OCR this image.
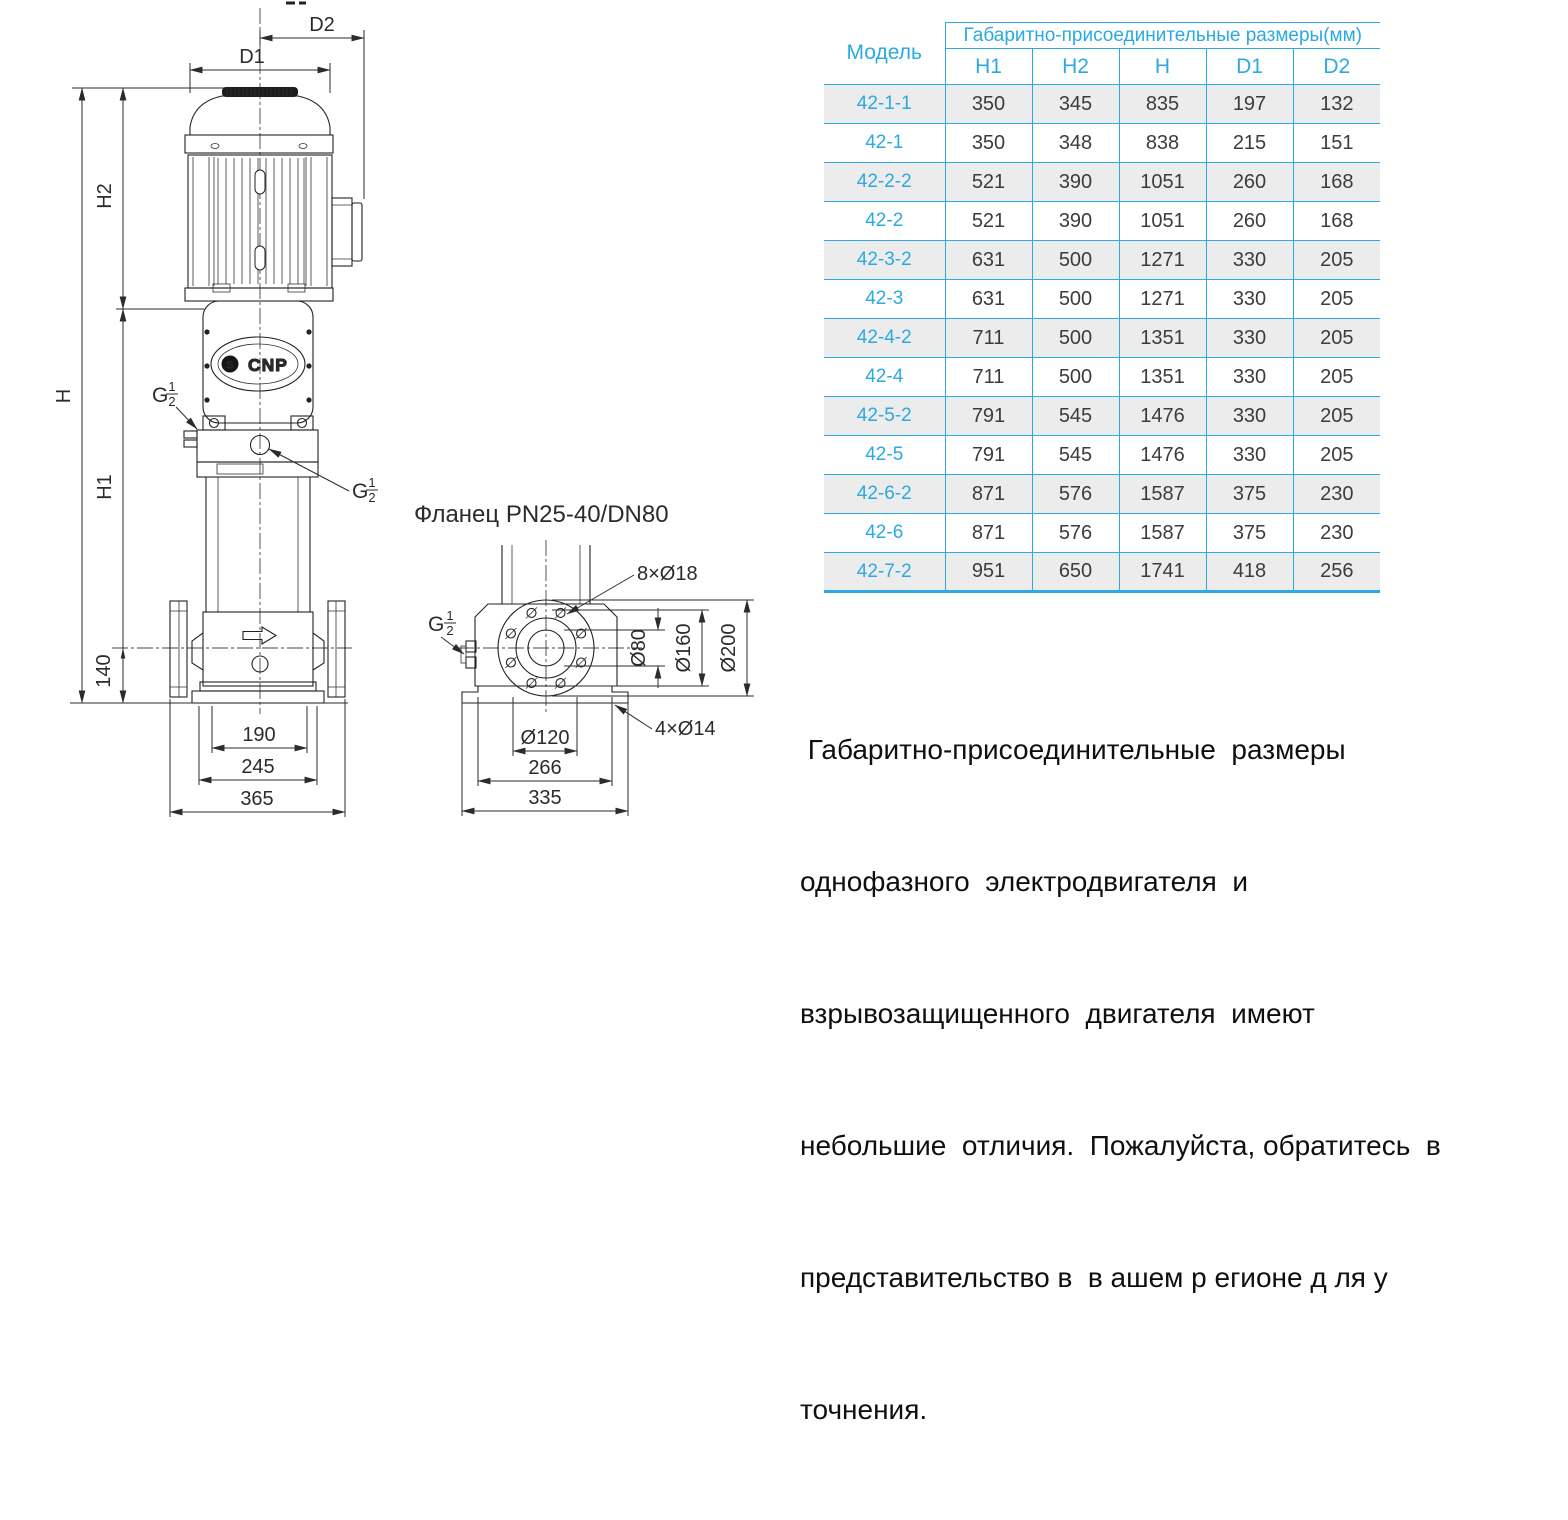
S CNP
D2
D1
H
H2
H1
140
190
245
365
G 1
2
G 1
2
Фланец PN25-40/DN80
8×Ø18
G 1
2	Ø80 Ø160 Ø200
4×Ø14
Ø120
266
335
Модель	Габаритно-присоединительные размеры(мм)				
	H1	H2	H	D1	D2
42-1-1	350	345	835	197	132
42-1	350	348	838	215	151
42-2-2	521	390	1051	260	168
42-2	521	390	1051	260	168
42-3-2	631	500	1271	330	205
42-3	631	500	1271	330	205
42-4-2	711	500	1351	330	205
42-4	711	500	1351	330	205
42-5-2	791	545	1476	330	205
42-5	791	545	1476	330	205
42-6-2	871	576	1587	375	230
42-6	871	576	1587	375	230
42-7-2	951	650	1741	418	256

Габаритно-присоединительные  размеры

однофазного  электродвигателя  и

взрывозащищенного  двигателя  имеют

небольшие  отличия.  Пожалуйста, обратитесь  в

представительство в  в ашем р егионе д ля у

точнения.
